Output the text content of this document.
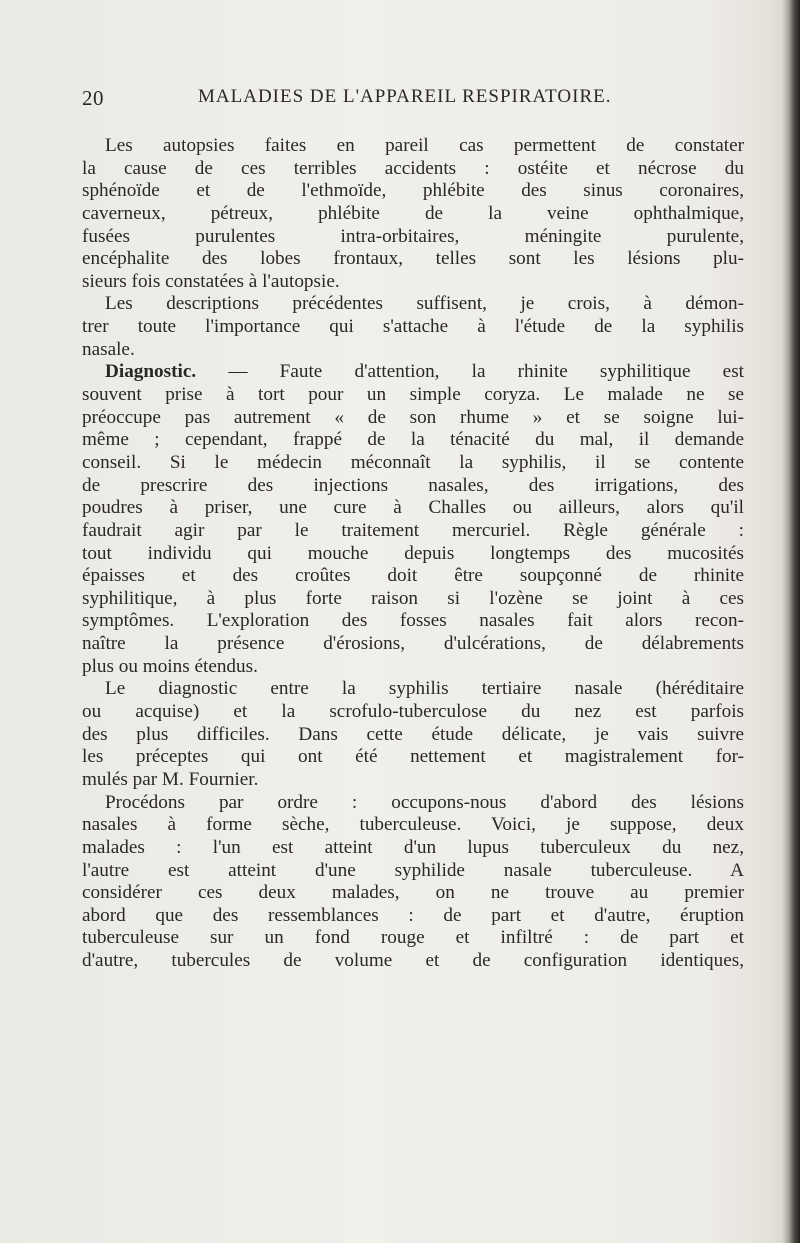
20	MALADIES DE L'APPAREIL RESPIRATOIRE.
Les autopsies faites en pareil cas permettent de constater
la cause de ces terribles accidents : ostéite et nécrose du
sphénoïde et de l'ethmoïde, phlébite des sinus coronaires,
caverneux, pétreux, phlébite de la veine ophthalmique,
fusées purulentes intra-orbitaires, méningite purulente,
encéphalite des lobes frontaux, telles sont les lésions plu-
sieurs fois constatées à l'autopsie.
Les descriptions précédentes suffisent, je crois, à démon-
trer toute l'importance qui s'attache à l'étude de la syphilis
nasale.
Diagnostic. — Faute d'attention, la rhinite syphilitique est
souvent prise à tort pour un simple coryza. Le malade ne se
préoccupe pas autrement « de son rhume » et se soigne lui-
même ; cependant, frappé de la ténacité du mal, il demande
conseil. Si le médecin méconnaît la syphilis, il se contente
de prescrire des injections nasales, des irrigations, des
poudres à priser, une cure à Challes ou ailleurs, alors qu'il
faudrait agir par le traitement mercuriel. Règle générale :
tout individu qui mouche depuis longtemps des mucosités
épaisses et des croûtes doit être soupçonné de rhinite
syphilitique, à plus forte raison si l'ozène se joint à ces
symptômes. L'exploration des fosses nasales fait alors recon-
naître la présence d'érosions, d'ulcérations, de délabrements
plus ou moins étendus.
Le diagnostic entre la syphilis tertiaire nasale (héréditaire
ou acquise) et la scrofulo-tuberculose du nez est parfois
des plus difficiles. Dans cette étude délicate, je vais suivre
les préceptes qui ont été nettement et magistralement for-
mulés par M. Fournier.
Procédons par ordre : occupons-nous d'abord des lésions
nasales à forme sèche, tuberculeuse. Voici, je suppose, deux
malades : l'un est atteint d'un lupus tuberculeux du nez,
l'autre est atteint d'une syphilide nasale tuberculeuse. A
considérer ces deux malades, on ne trouve au premier
abord que des ressemblances : de part et d'autre, éruption
tuberculeuse sur un fond rouge et infiltré : de part et
d'autre, tubercules de volume et de configuration identiques,
